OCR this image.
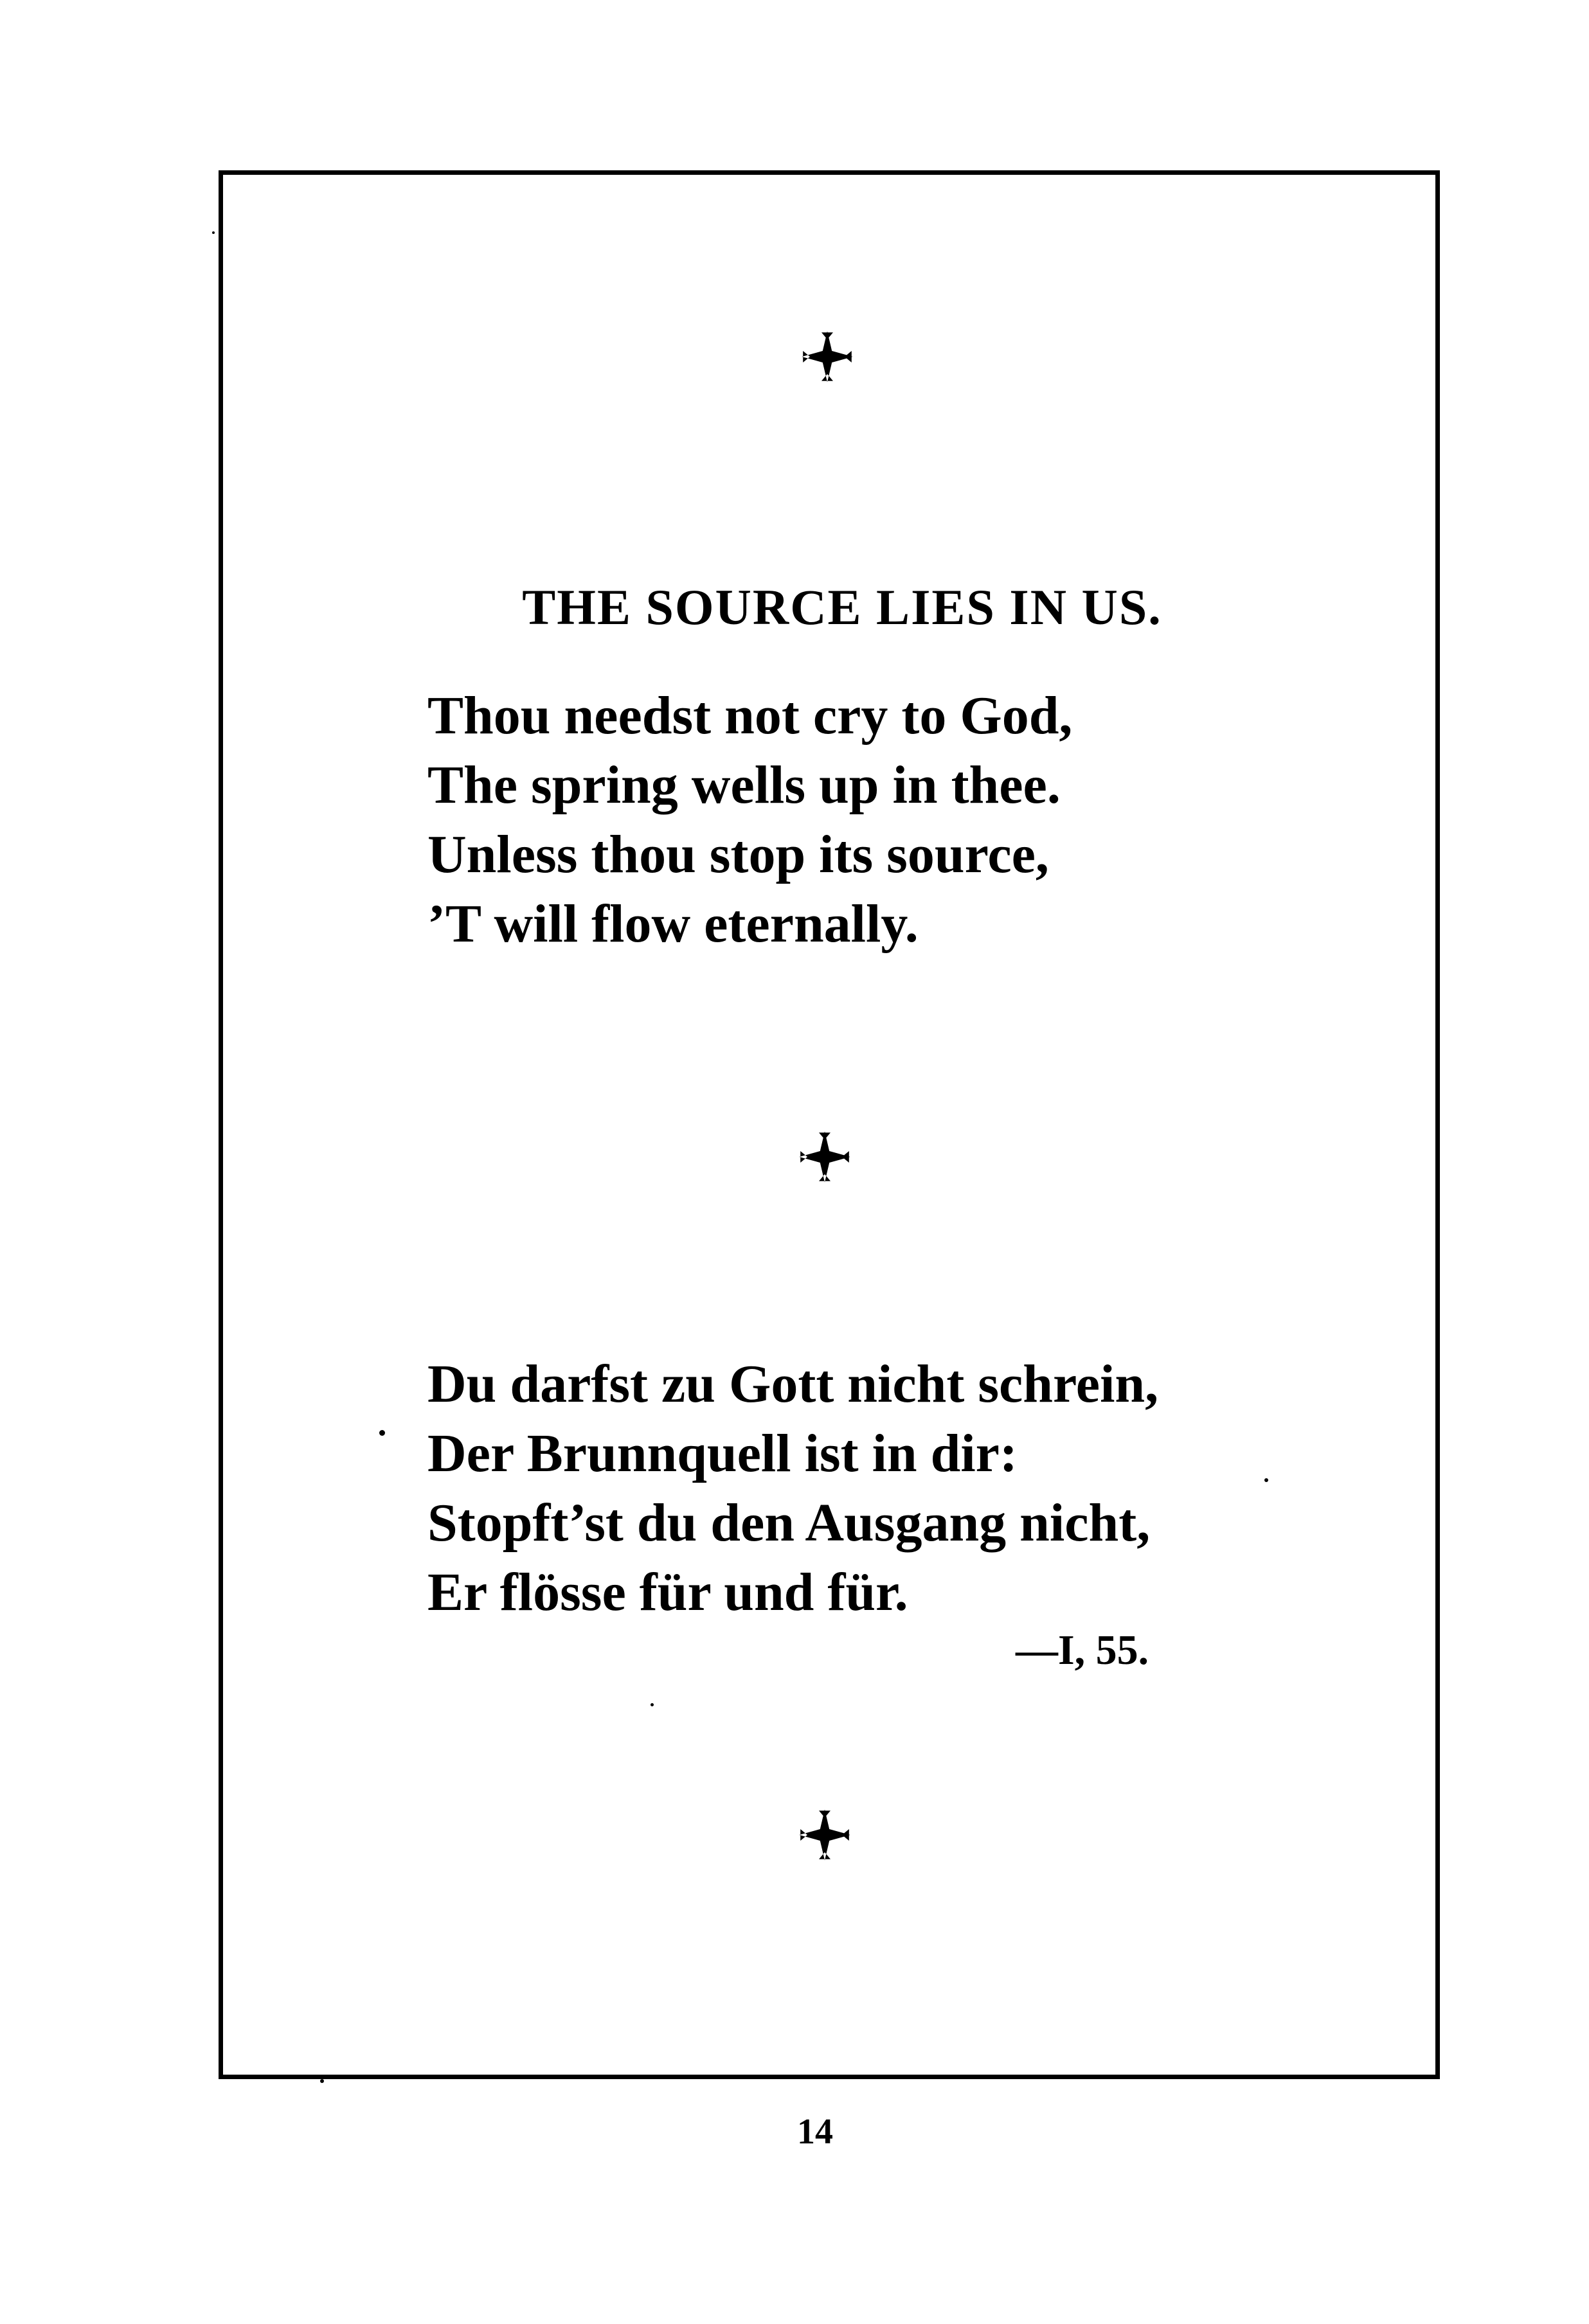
THE SOURCE LIES IN US.
Thou needst not cry to God,
The spring wells up in thee.
Unless thou stop its source,
’T will flow eternally.
Du darfst zu Gott nicht schrein,
Der Brunnquell ist in dir:
Stopft’st du den Ausgang nicht,
Er flösse für und für.
—I, 55.
14
